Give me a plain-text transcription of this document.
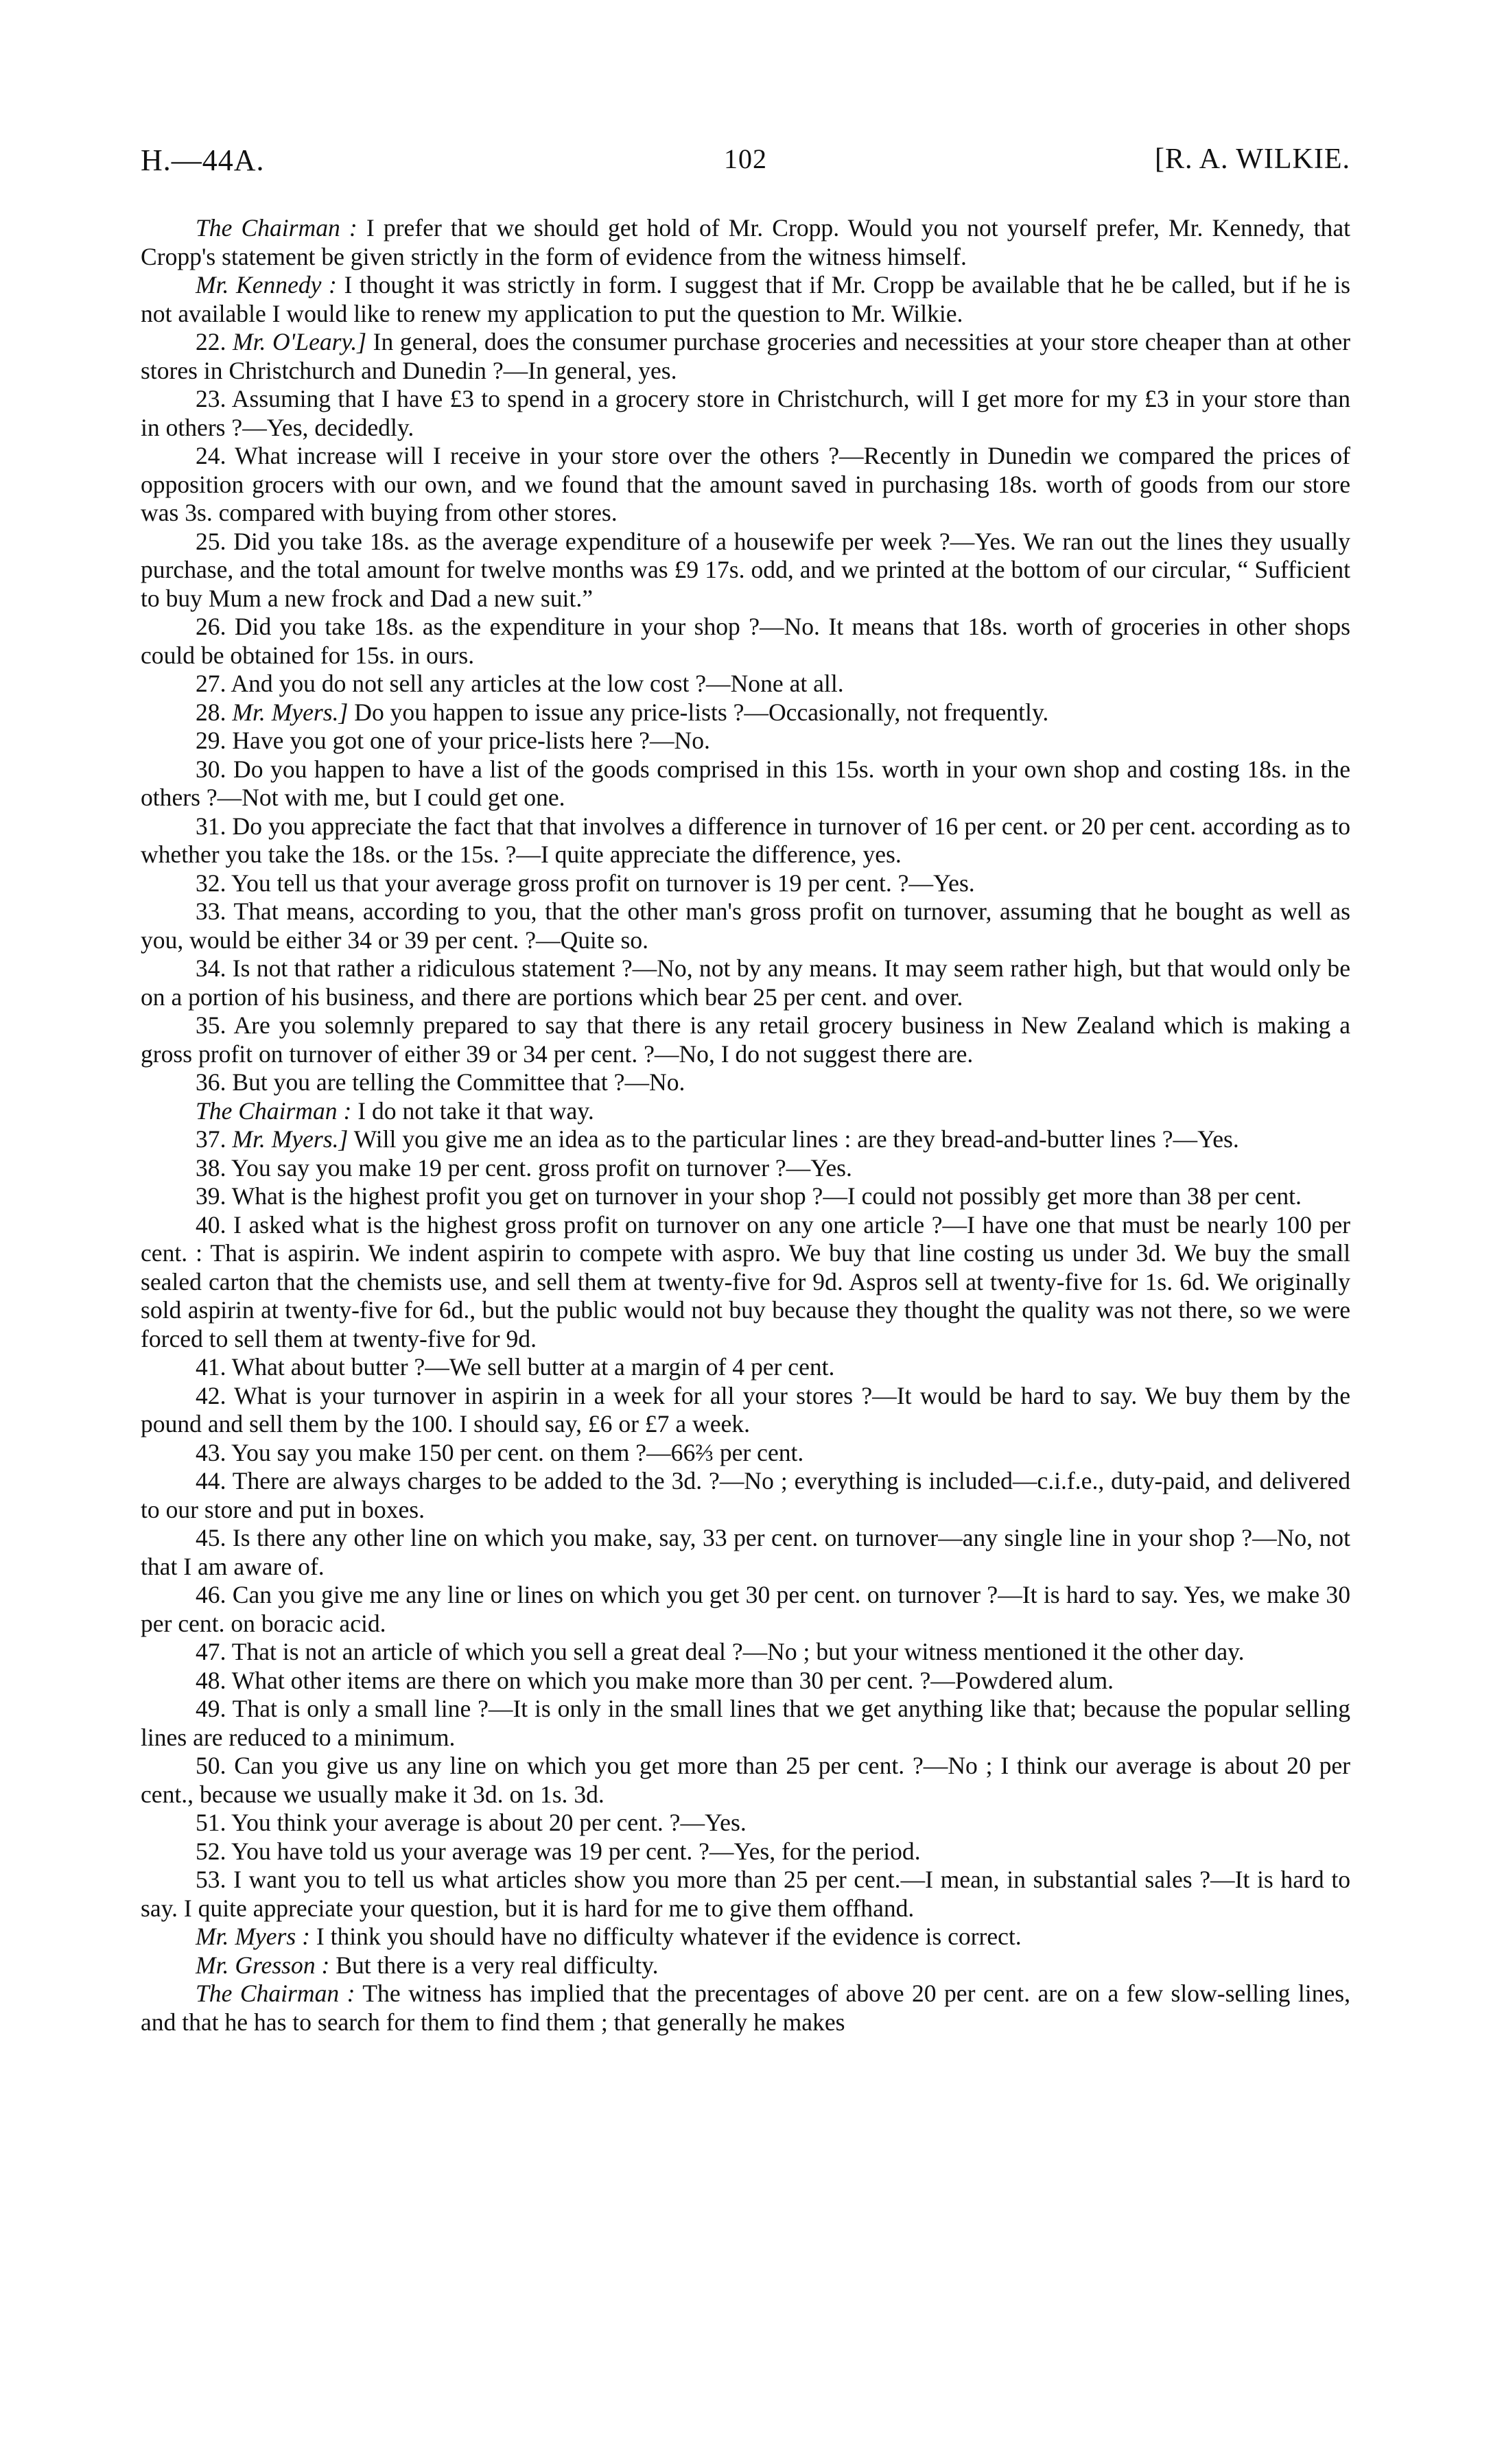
H.—44A.	102	[R. A. WILKIE.

The Chairman : I prefer that we should get hold of Mr. Cropp. Would you not yourself prefer, Mr. Kennedy, that Cropp's statement be given strictly in the form of evidence from the witness himself.

Mr. Kennedy : I thought it was strictly in form. I suggest that if Mr. Cropp be available that he be called, but if he is not available I would like to renew my application to put the question to Mr. Wilkie.

22. Mr. O'Leary.] In general, does the consumer purchase groceries and necessities at your store cheaper than at other stores in Christchurch and Dunedin ?—In general, yes.

23. Assuming that I have £3 to spend in a grocery store in Christchurch, will I get more for my £3 in your store than in others ?—Yes, decidedly.

24. What increase will I receive in your store over the others ?—Recently in Dunedin we compared the prices of opposition grocers with our own, and we found that the amount saved in purchasing 18s. worth of goods from our store was 3s. compared with buying from other stores.

25. Did you take 18s. as the average expenditure of a housewife per week ?—Yes. We ran out the lines they usually purchase, and the total amount for twelve months was £9 17s. odd, and we printed at the bottom of our circular, “ Sufficient to buy Mum a new frock and Dad a new suit.”

26. Did you take 18s. as the expenditure in your shop ?—No. It means that 18s. worth of groceries in other shops could be obtained for 15s. in ours.

27. And you do not sell any articles at the low cost ?—None at all.

28. Mr. Myers.] Do you happen to issue any price-lists ?—Occasionally, not frequently.

29. Have you got one of your price-lists here ?—No.

30. Do you happen to have a list of the goods comprised in this 15s. worth in your own shop and costing 18s. in the others ?—Not with me, but I could get one.

31. Do you appreciate the fact that that involves a difference in turnover of 16 per cent. or 20 per cent. according as to whether you take the 18s. or the 15s. ?—I quite appreciate the difference, yes.

32. You tell us that your average gross profit on turnover is 19 per cent. ?—Yes.

33. That means, according to you, that the other man's gross profit on turnover, assuming that he bought as well as you, would be either 34 or 39 per cent. ?—Quite so.

34. Is not that rather a ridiculous statement ?—No, not by any means. It may seem rather high, but that would only be on a portion of his business, and there are portions which bear 25 per cent. and over.

35. Are you solemnly prepared to say that there is any retail grocery business in New Zealand which is making a gross profit on turnover of either 39 or 34 per cent. ?—No, I do not suggest there are.

36. But you are telling the Committee that ?—No.

The Chairman : I do not take it that way.

37. Mr. Myers.] Will you give me an idea as to the particular lines : are they bread-and-butter lines ?—Yes.

38. You say you make 19 per cent. gross profit on turnover ?—Yes.

39. What is the highest profit you get on turnover in your shop ?—I could not possibly get more than 38 per cent.

40. I asked what is the highest gross profit on turnover on any one article ?—I have one that must be nearly 100 per cent. : That is aspirin. We indent aspirin to compete with aspro. We buy that line costing us under 3d. We buy the small sealed carton that the chemists use, and sell them at twenty-five for 9d. Aspros sell at twenty-five for 1s. 6d. We originally sold aspirin at twenty-five for 6d., but the public would not buy because they thought the quality was not there, so we were forced to sell them at twenty-five for 9d.

41. What about butter ?—We sell butter at a margin of 4 per cent.

42. What is your turnover in aspirin in a week for all your stores ?—It would be hard to say. We buy them by the pound and sell them by the 100. I should say, £6 or £7 a week.

43. You say you make 150 per cent. on them ?—66⅔ per cent.

44. There are always charges to be added to the 3d. ?—No ; everything is included—c.i.f.e., duty-paid, and delivered to our store and put in boxes.

45. Is there any other line on which you make, say, 33 per cent. on turnover—any single line in your shop ?—No, not that I am aware of.

46. Can you give me any line or lines on which you get 30 per cent. on turnover ?—It is hard to say. Yes, we make 30 per cent. on boracic acid.

47. That is not an article of which you sell a great deal ?—No ; but your witness mentioned it the other day.

48. What other items are there on which you make more than 30 per cent. ?—Powdered alum.

49. That is only a small line ?—It is only in the small lines that we get anything like that; because the popular selling lines are reduced to a minimum.

50. Can you give us any line on which you get more than 25 per cent. ?—No ; I think our average is about 20 per cent., because we usually make it 3d. on 1s. 3d.

51. You think your average is about 20 per cent. ?—Yes.

52. You have told us your average was 19 per cent. ?—Yes, for the period.

53. I want you to tell us what articles show you more than 25 per cent.—I mean, in substantial sales ?—It is hard to say. I quite appreciate your question, but it is hard for me to give them offhand.

Mr. Myers : I think you should have no difficulty whatever if the evidence is correct.

Mr. Gresson : But there is a very real difficulty.

The Chairman : The witness has implied that the precentages of above 20 per cent. are on a few slow-selling lines, and that he has to search for them to find them ; that generally he makes
